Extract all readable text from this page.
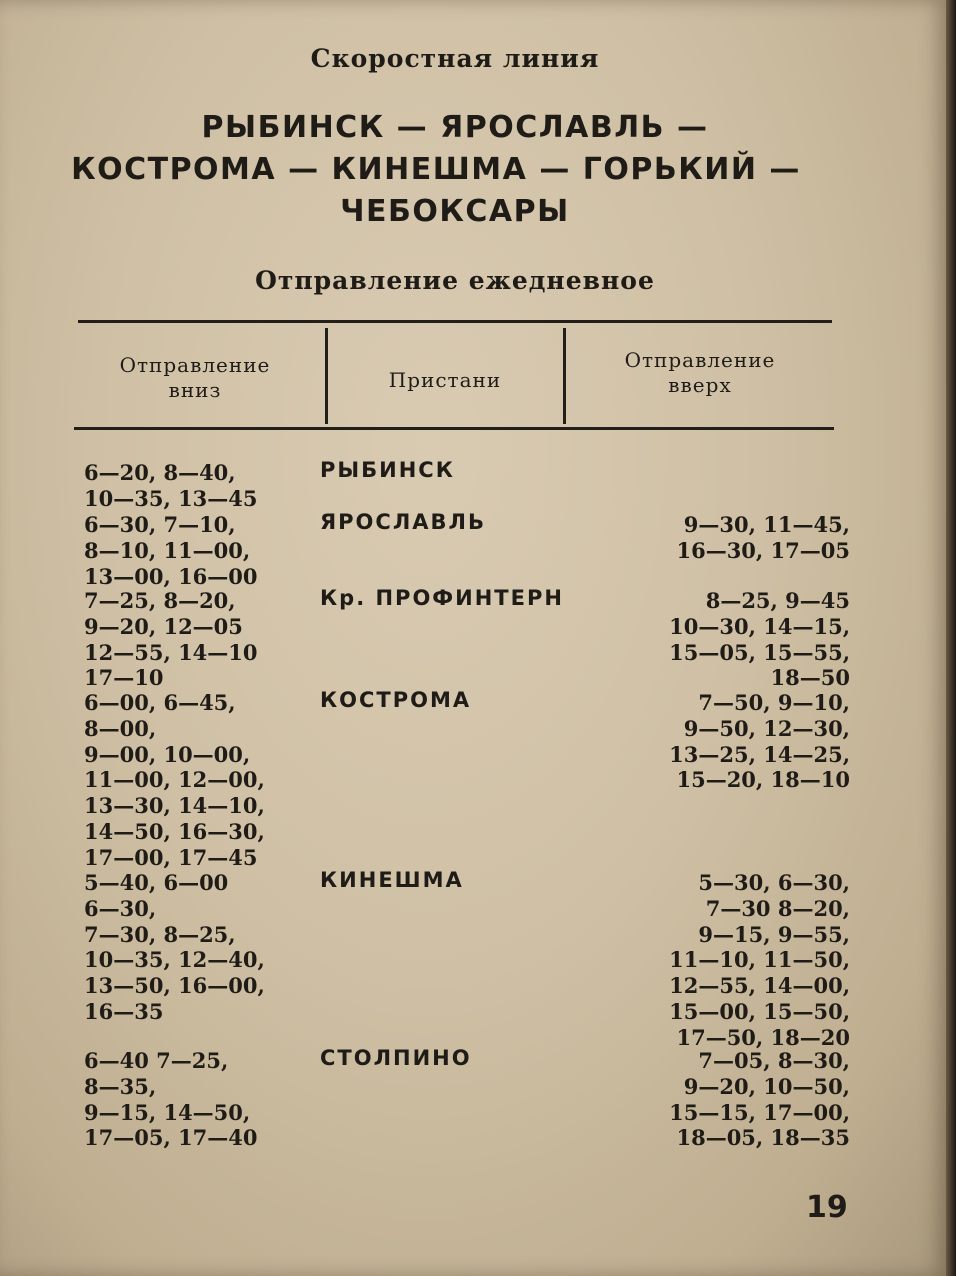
Скоростная линия
РЫБИНСК — ЯРОСЛАВЛЬ —
КОСТРОМА — КИНЕШМА — ГОРЬКИЙ —
ЧЕБОКСАРЫ
Отправление ежедневное
Отправление
вниз	Пристани
Отправление
вверх
РЫБИНСК
6—20, 8—40,
10—35, 13—45
ЯРОСЛАВЛЬ
6—30, 7—10,
8—10, 11—00,
13—00, 16—00
9—30, 11—45,
16—30, 17—05
Кр. ПРОФИНТЕРН
7—25, 8—20,
9—20, 12—05
12—55, 14—10
17—10
8—25, 9—45
10—30, 14—15,
15—05, 15—55,
18—50
КОСТРОМА
6—00, 6—45,
8—00,
9—00, 10—00,
11—00, 12—00,
13—30, 14—10,
14—50, 16—30,
17—00, 17—45
7—50, 9—10,
9—50, 12—30,
13—25, 14—25,
15—20, 18—10
КИНЕШМА
5—40, 6—00
6—30,
7—30, 8—25,
10—35, 12—40,
13—50, 16—00,
16—35
5—30, 6—30,
7—30 8—20,
9—15, 9—55,
11—10, 11—50,
12—55, 14—00,
15—00, 15—50,
17—50, 18—20
СТОЛПИНО
6—40 7—25,
8—35,
9—15, 14—50,
17—05, 17—40
7—05, 8—30,
9—20, 10—50,
15—15, 17—00,
18—05, 18—35
19
